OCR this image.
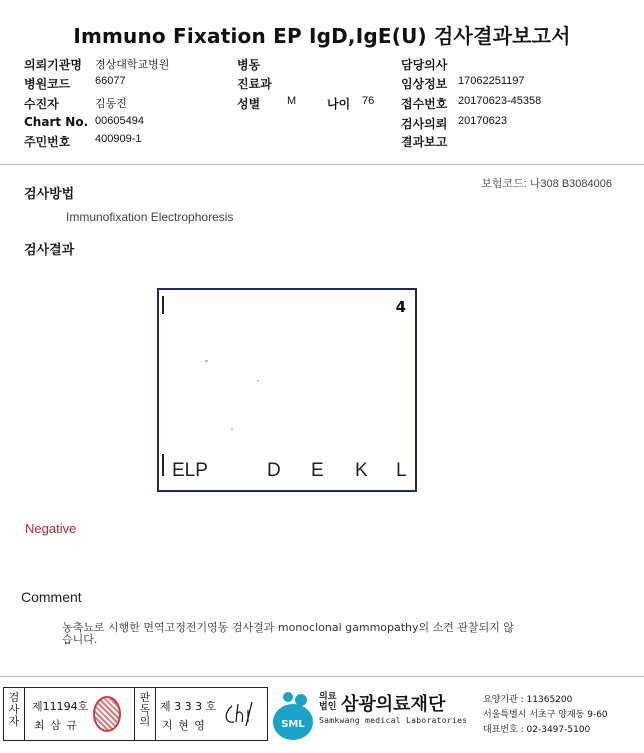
Immuno Fixation EP IgD,IgE(U) 검사결과보고서
의뢰기관명 경상대학교병원
병원코드 66077
수진자	김동진
Chart No. 00605494
주민번호 400909-1
병동
진료과
성별 M	나이 76
담당의사
임상정보 17062251197
접수번호 20170623-45358
검사의뢰 20170623
결과보고
보험코드: 나308 B3084006
검사방법
Immunofixation Electrophoresis
검사결과
4
ELP	D E K L
Negative
Comment
농축뇨로 시행한 면역고정전기영동 검사결과 monoclonal gammopathy의 소견 관찰되지 않
습니다.
검사자
제11194호
최 삼 규
판독의
제 3 3 3 호
지 현 영	SML
의료법인 삼광의료재단
Samkwang medical Laboratories
요양기관 : 11365200
서울특별시 서초구 양재동 9-60
대표번호 : 02-3497-5100
